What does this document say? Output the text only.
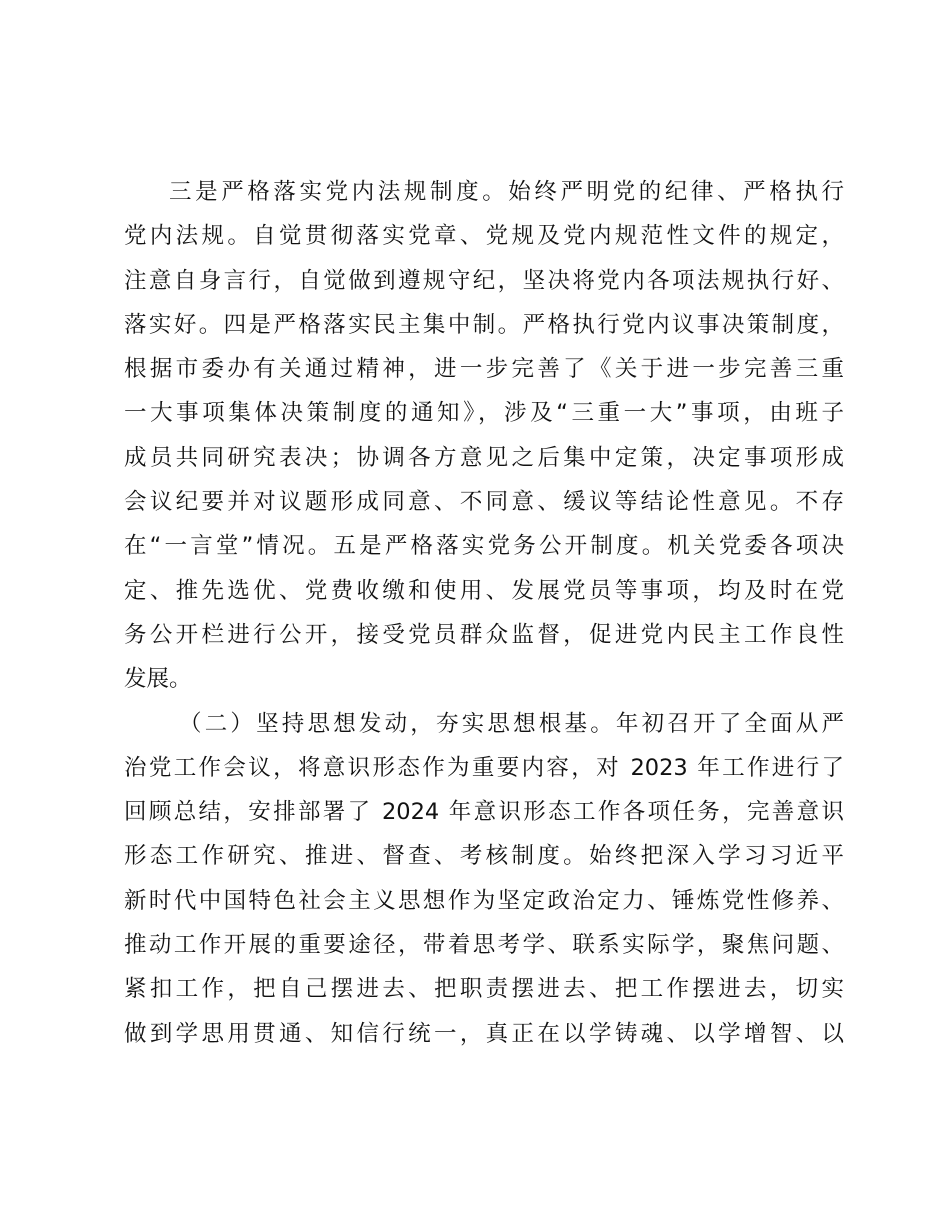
三是严格落实党内法规制度。始终严明党的纪律、严格执行
党内法规。自觉贯彻落实党章、党规及党内规范性文件的规定，
注意自身言行，自觉做到遵规守纪，坚决将党内各项法规执行好、
落实好。四是严格落实民主集中制。严格执行党内议事决策制度，
根据市委办有关通过精神，进一步完善了《关于进一步完善三重
一大事项集体决策制度的通知》，涉及“三重一大”事项，由班子
成员共同研究表决；协调各方意见之后集中定策，决定事项形成
会议纪要并对议题形成同意、不同意、缓议等结论性意见。不存
在“一言堂”情况。五是严格落实党务公开制度。机关党委各项决
定、推先选优、党费收缴和使用、发展党员等事项，均及时在党
务公开栏进行公开，接受党员群众监督，促进党内民主工作良性
发展。
（二）坚持思想发动，夯实思想根基。年初召开了全面从严
治党工作会议，将意识形态作为重要内容，对 2023 年工作进行了
回顾总结，安排部署了 2024 年意识形态工作各项任务，完善意识
形态工作研究、推进、督查、考核制度。始终把深入学习习近平
新时代中国特色社会主义思想作为坚定政治定力、锤炼党性修养、
推动工作开展的重要途径，带着思考学、联系实际学，聚焦问题、
紧扣工作，把自己摆进去、把职责摆进去、把工作摆进去，切实
做到学思用贯通、知信行统一，真正在以学铸魂、以学增智、以
